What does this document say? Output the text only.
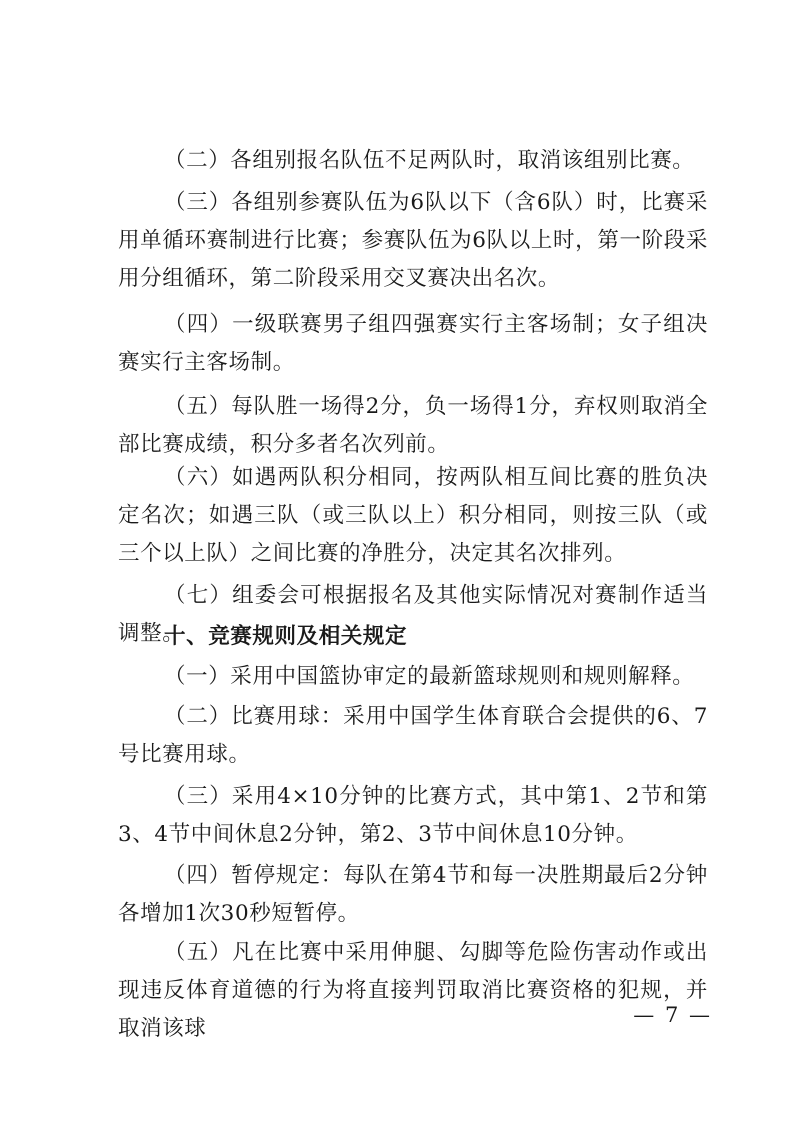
（二）各组别报名队伍不足两队时，取消该组别比赛。

（三）各组别参赛队伍为6队以下（含6队）时，比赛采用单循环赛制进行比赛；参赛队伍为6队以上时，第一阶段采用分组循环，第二阶段采用交叉赛决出名次。

（四）一级联赛男子组四强赛实行主客场制；女子组决赛实行主客场制。

（五）每队胜一场得2分，负一场得1分，弃权则取消全部比赛成绩，积分多者名次列前。

（六）如遇两队积分相同，按两队相互间比赛的胜负决定名次；如遇三队（或三队以上）积分相同，则按三队（或三个以上队）之间比赛的净胜分，决定其名次排列。

（七）组委会可根据报名及其他实际情况对赛制作适当调整。

十、竞赛规则及相关规定

（一）采用中国篮协审定的最新篮球规则和规则解释。

（二）比赛用球：采用中国学生体育联合会提供的6、7号比赛用球。

（三）采用4×10分钟的比赛方式，其中第1、2节和第3、4节中间休息2分钟，第2、3节中间休息10分钟。

（四）暂停规定：每队在第4节和每一决胜期最后2分钟各增加1次30秒短暂停。

（五）凡在比赛中采用伸腿、勾脚等危险伤害动作或出现违反体育道德的行为将直接判罚取消比赛资格的犯规，并取消该球

— 7 —
